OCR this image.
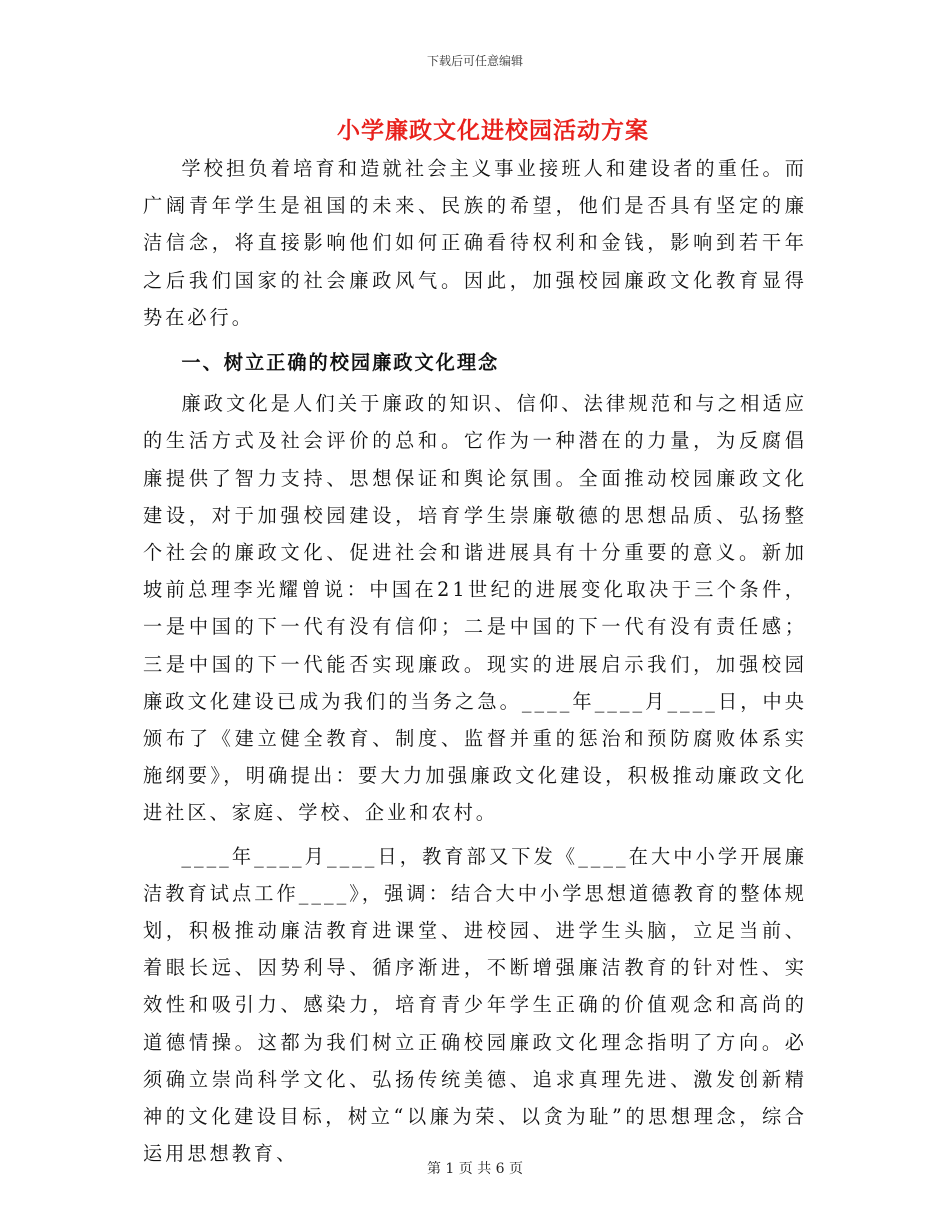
下载后可任意编辑
小学廉政文化进校园活动方案

学校担负着培育和造就社会主义事业接班人和建设者的重任。而广阔青年学生是祖国的未来、民族的希望，他们是否具有坚定的廉洁信念，将直接影响他们如何正确看待权利和金钱，影响到若干年之后我们国家的社会廉政风气。因此，加强校园廉政文化教育显得势在必行。

一、树立正确的校园廉政文化理念

廉政文化是人们关于廉政的知识、信仰、法律规范和与之相适应的生活方式及社会评价的总和。它作为一种潜在的力量，为反腐倡廉提供了智力支持、思想保证和舆论氛围。全面推动校园廉政文化建设，对于加强校园建设，培育学生崇廉敬德的思想品质、弘扬整个社会的廉政文化、促进社会和谐进展具有十分重要的意义。新加坡前总理李光耀曾说：中国在21世纪的进展变化取决于三个条件，一是中国的下一代有没有信仰；二是中国的下一代有没有责任感；三是中国的下一代能否实现廉政。现实的进展启示我们，加强校园廉政文化建设已成为我们的当务之急。____年____月____日，中央颁布了《建立健全教育、制度、监督并重的惩治和预防腐败体系实施纲要》，明确提出：要大力加强廉政文化建设，积极推动廉政文化进社区、家庭、学校、企业和农村。

____年____月____日，教育部又下发《____在大中小学开展廉洁教育试点工作____》，强调：结合大中小学思想道德教育的整体规划，积极推动廉洁教育进课堂、进校园、进学生头脑，立足当前、着眼长远、因势利导、循序渐进，不断增强廉洁教育的针对性、实效性和吸引力、感染力，培育青少年学生正确的价值观念和高尚的道德情操。这都为我们树立正确校园廉政文化理念指明了方向。必须确立崇尚科学文化、弘扬传统美德、追求真理先进、激发创新精神的文化建设目标，树立“以廉为荣、以贪为耻”的思想理念，综合运用思想教育、

第 1 页 共 6 页
